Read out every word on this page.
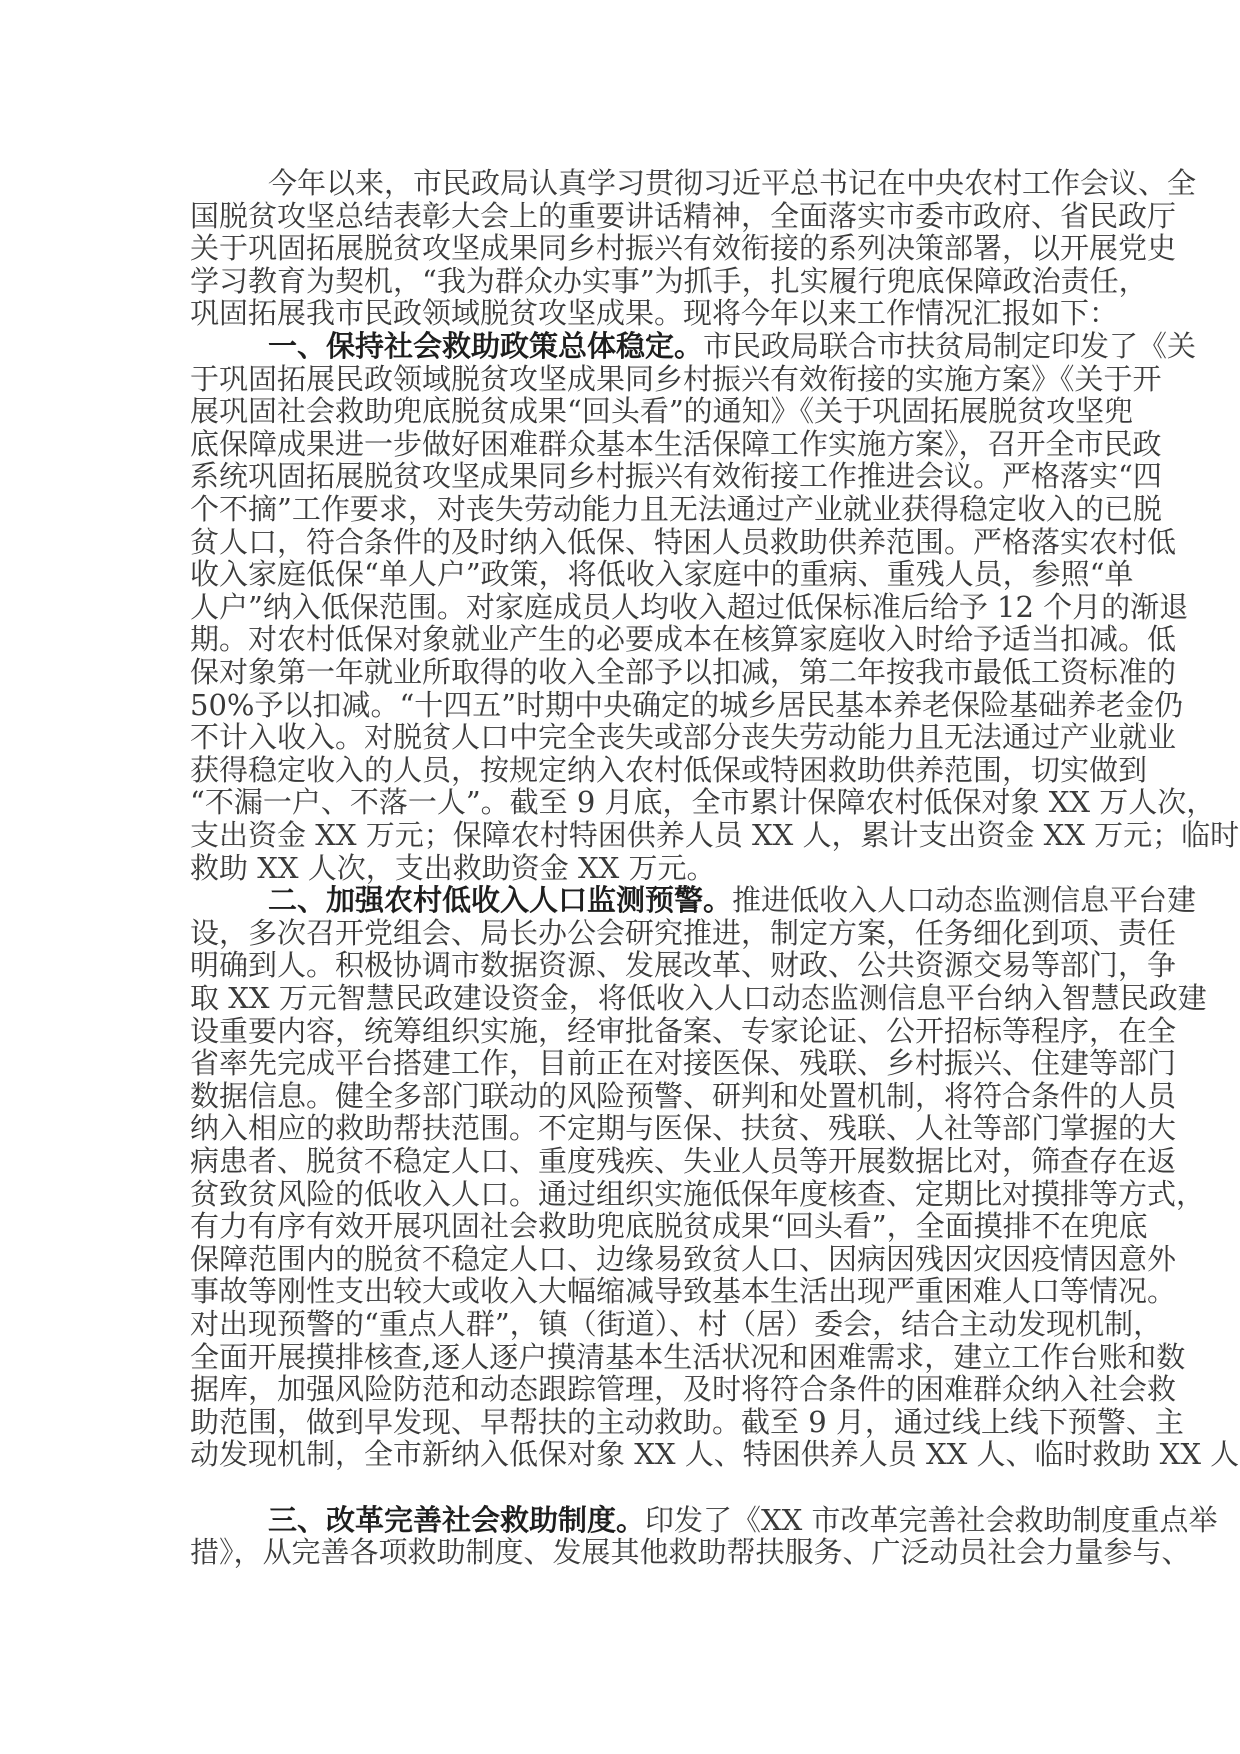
今年以来，市民政局认真学习贯彻习近平总书记在中央农村工作会议、全
国脱贫攻坚总结表彰大会上的重要讲话精神，全面落实市委市政府、省民政厅
关于巩固拓展脱贫攻坚成果同乡村振兴有效衔接的系列决策部署，以开展党史
学习教育为契机，“我为群众办实事”为抓手，扎实履行兜底保障政治责任，
巩固拓展我市民政领域脱贫攻坚成果。现将今年以来工作情况汇报如下：
一、保持社会救助政策总体稳定。市民政局联合市扶贫局制定印发了《关
于巩固拓展民政领域脱贫攻坚成果同乡村振兴有效衔接的实施方案》《关于开
展巩固社会救助兜底脱贫成果“回头看”的通知》《关于巩固拓展脱贫攻坚兜
底保障成果进一步做好困难群众基本生活保障工作实施方案》，召开全市民政
系统巩固拓展脱贫攻坚成果同乡村振兴有效衔接工作推进会议。严格落实“四
个不摘”工作要求，对丧失劳动能力且无法通过产业就业获得稳定收入的已脱
贫人口，符合条件的及时纳入低保、特困人员救助供养范围。严格落实农村低
收入家庭低保“单人户”政策，将低收入家庭中的重病、重残人员，参照“单
人户”纳入低保范围。对家庭成员人均收入超过低保标准后给予 12 个月的渐退
期。对农村低保对象就业产生的必要成本在核算家庭收入时给予适当扣减。低
保对象第一年就业所取得的收入全部予以扣减，第二年按我市最低工资标准的
50%予以扣减。“十四五”时期中央确定的城乡居民基本养老保险基础养老金仍
不计入收入。对脱贫人口中完全丧失或部分丧失劳动能力且无法通过产业就业
获得稳定收入的人员，按规定纳入农村低保或特困救助供养范围，切实做到
“不漏一户、不落一人”。截至 9 月底，全市累计保障农村低保对象 XX 万人次，
支出资金 XX 万元；保障农村特困供养人员 XX 人，累计支出资金 XX 万元；临时
救助 XX 人次，支出救助资金 XX 万元。
二、加强农村低收入人口监测预警。推进低收入人口动态监测信息平台建
设，多次召开党组会、局长办公会研究推进，制定方案，任务细化到项、责任
明确到人。积极协调市数据资源、发展改革、财政、公共资源交易等部门，争
取 XX 万元智慧民政建设资金，将低收入人口动态监测信息平台纳入智慧民政建
设重要内容，统筹组织实施，经审批备案、专家论证、公开招标等程序，在全
省率先完成平台搭建工作，目前正在对接医保、残联、乡村振兴、住建等部门
数据信息。健全多部门联动的风险预警、研判和处置机制，将符合条件的人员
纳入相应的救助帮扶范围。不定期与医保、扶贫、残联、人社等部门掌握的大
病患者、脱贫不稳定人口、重度残疾、失业人员等开展数据比对，筛查存在返
贫致贫风险的低收入人口。通过组织实施低保年度核查、定期比对摸排等方式，
有力有序有效开展巩固社会救助兜底脱贫成果“回头看”，全面摸排不在兜底
保障范围内的脱贫不稳定人口、边缘易致贫人口、因病因残因灾因疫情因意外
事故等刚性支出较大或收入大幅缩减导致基本生活出现严重困难人口等情况。
对出现预警的“重点人群”，镇（街道）、村（居）委会，结合主动发现机制，
全面开展摸排核查,逐人逐户摸清基本生活状况和困难需求，建立工作台账和数
据库，加强风险防范和动态跟踪管理，及时将符合条件的困难群众纳入社会救
助范围，做到早发现、早帮扶的主动救助。截至 9 月，通过线上线下预警、主
动发现机制，全市新纳入低保对象 XX 人、特困供养人员 XX 人、临时救助 XX 人
三、改革完善社会救助制度。印发了《XX 市改革完善社会救助制度重点举
措》，从完善各项救助制度、发展其他救助帮扶服务、广泛动员社会力量参与、
